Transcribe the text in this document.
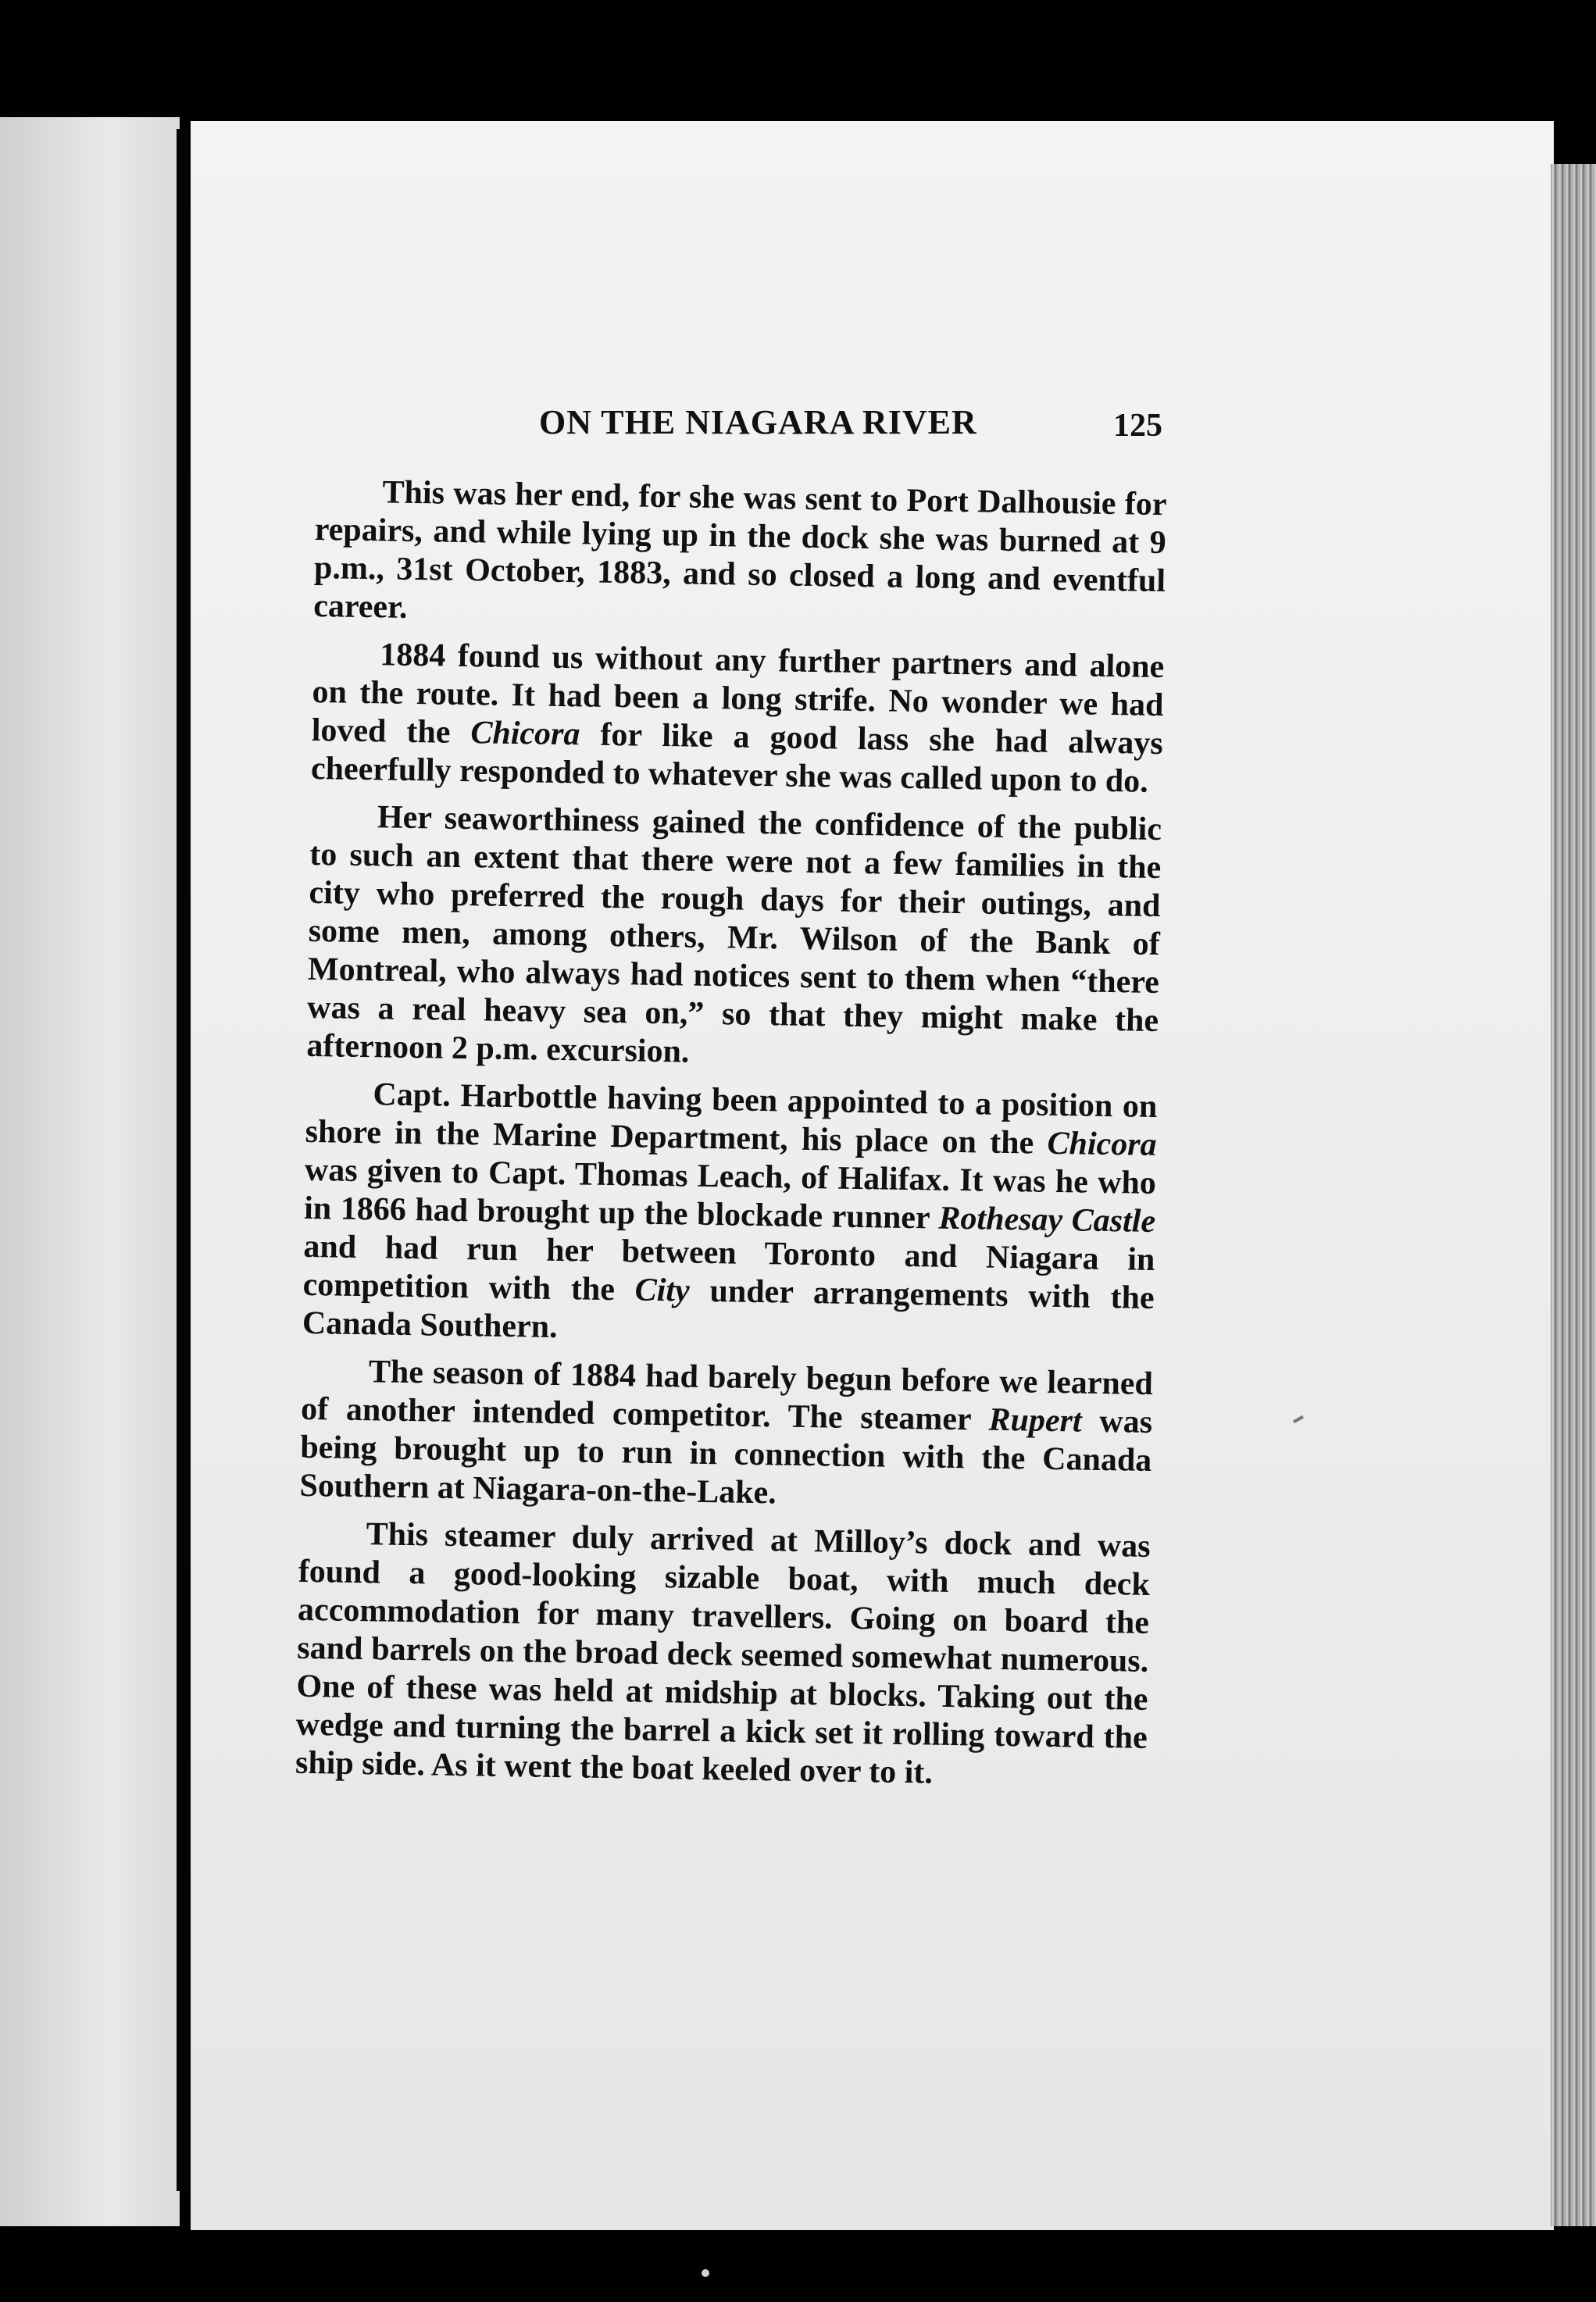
ON THE NIAGARA RIVER	125

This was her end, for she was sent to Port Dalhousie for repairs, and while lying up in the dock she was burned at 9 p.m., 31st October, 1883, and so closed a long and eventful career.

1884 found us without any further partners and alone on the route. It had been a long strife. No wonder we had loved the Chicora for like a good lass she had always cheerfully responded to whatever she was called upon to do.

Her seaworthiness gained the confidence of the public to such an extent that there were not a few families in the city who preferred the rough days for their outings, and some men, among others, Mr. Wilson of the Bank of Montreal, who always had notices sent to them when “there was a real heavy sea on,” so that they might make the afternoon 2 p.m. excursion.

Capt. Harbottle having been appointed to a position on shore in the Marine Department, his place on the Chicora was given to Capt. Thomas Leach, of Halifax. It was he who in 1866 had brought up the blockade runner Rothesay Castle and had run her between Toronto and Niagara in competition with the City under arrangements with the Canada Southern.

The season of 1884 had barely begun before we learned of another intended competitor. The steamer Rupert was being brought up to run in connection with the Canada Southern at Niagara-on-the-Lake.

This steamer duly arrived at Milloy’s dock and was found a good-looking sizable boat, with much deck accommodation for many travellers. Going on board the sand barrels on the broad deck seemed somewhat numerous. One of these was held at midship at blocks. Taking out the wedge and turning the barrel a kick set it rolling toward the ship side. As it went the boat keeled over to it.
